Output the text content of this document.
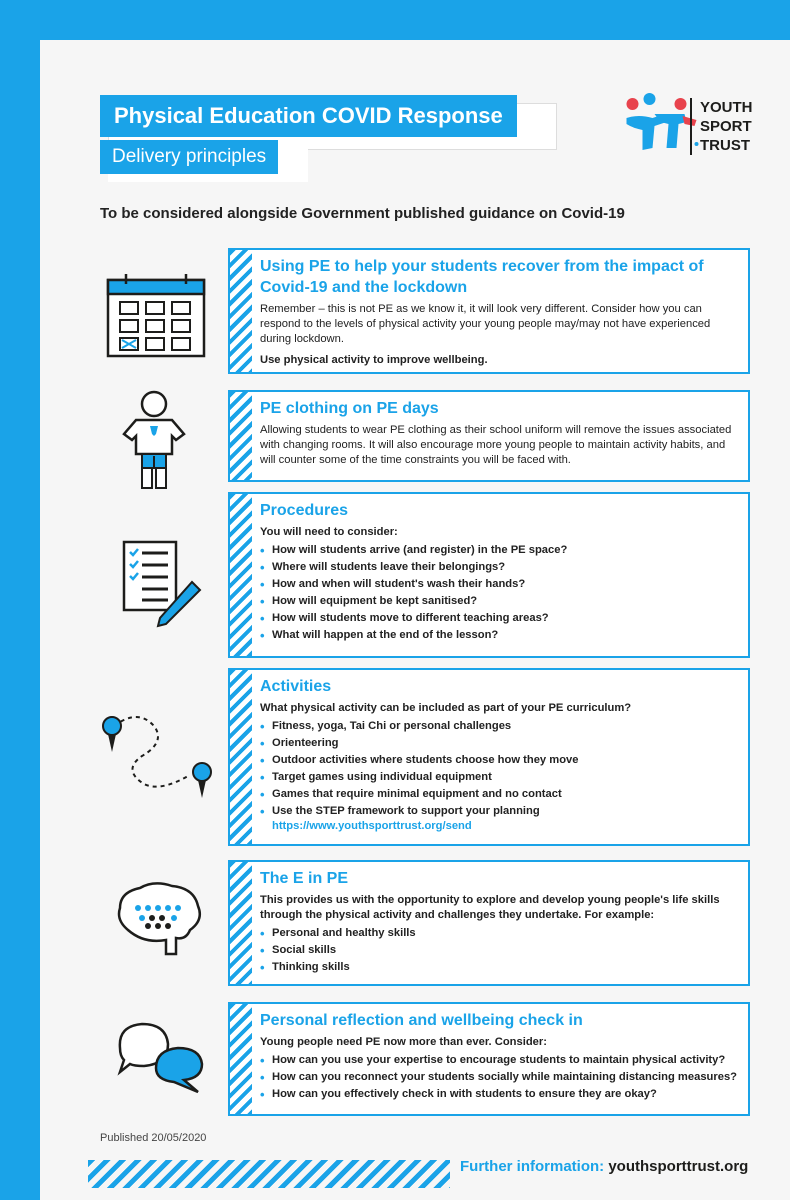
Physical Education COVID Response
Delivery principles
YOUTH
SPORT
TRUST
To be considered alongside Government published guidance on Covid-19
Using PE to help your students recover from the impact of Covid-19 and the lockdown

Remember – this is not PE as we know it, it will look very different. Consider how you can respond to the levels of physical activity your young people may/may not have experienced during lockdown.

Use physical activity to improve wellbeing.

PE clothing on PE days

Allowing students to wear PE clothing as their school uniform will remove the issues associated with changing rooms. It will also encourage more young people to maintain activity habits, and will counter some of the time constraints you will be faced with.

Procedures

You will need to consider:

• How will students arrive (and register) in the PE space?
• Where will students leave their belongings?
• How and when will student's wash their hands?
• How will equipment be kept sanitised?
• How will students move to different teaching areas?
• What will happen at the end of the lesson?
Activities

What physical activity can be included as part of your PE curriculum?

• Fitness, yoga, Tai Chi or personal challenges
• Orienteering
• Outdoor activities where students choose how they move
• Target games using individual equipment
• Games that require minimal equipment and no contact
• Use the STEP framework to support your planning
https://www.youthsporttrust.org/send
The E in PE

This provides us with the opportunity to explore and develop young people's life skills through the physical activity and challenges they undertake. For example:

• Personal and healthy skills
• Social skills
• Thinking skills
Personal reflection and wellbeing check in

Young people need PE now more than ever. Consider:

• How can you use your expertise to encourage students to maintain physical activity?
• How can you reconnect your students socially while maintaining distancing measures?
• How can you effectively check in with students to ensure they are okay?
Published 20/05/2020
Further information: youthsporttrust.org
